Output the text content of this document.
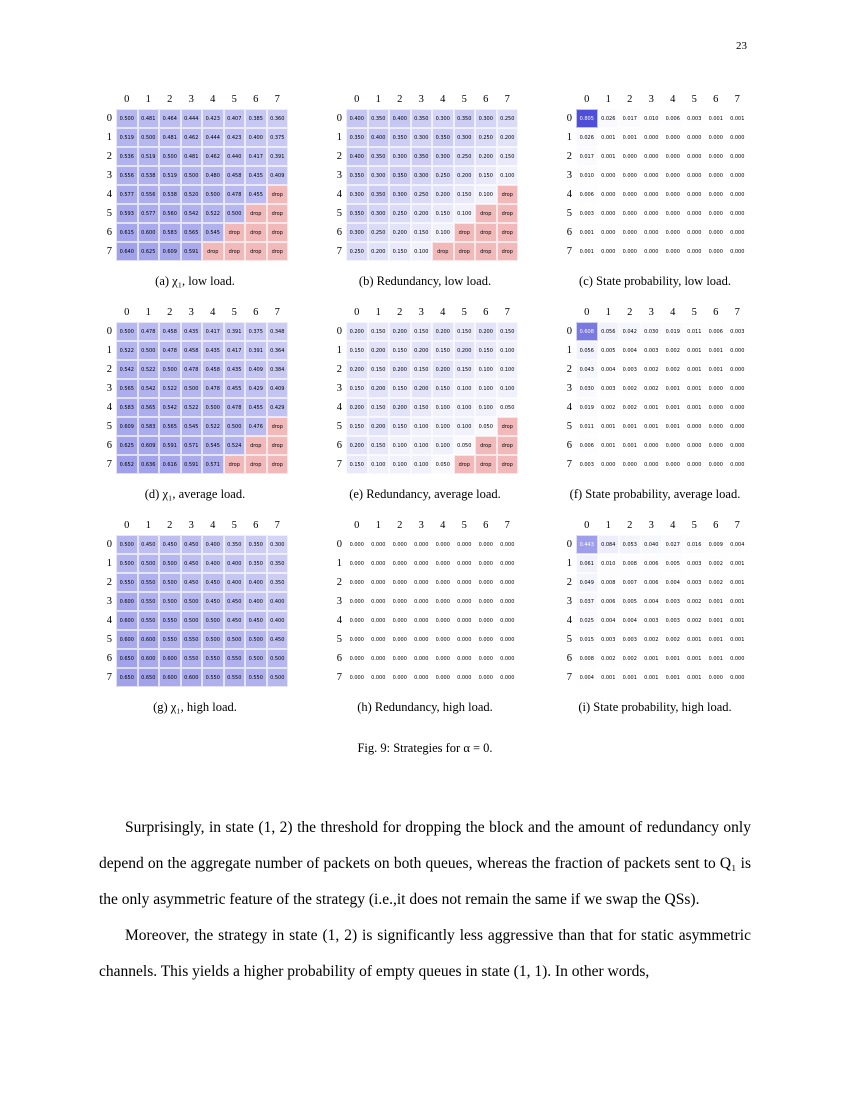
23
0	1	2	3	4	5	6	7
0	0.500	0.481	0.464	0.444	0.423	0.407	0.385	0.360
1	0.519	0.500	0.481	0.462	0.444	0.423	0.400	0.375
2	0.536	0.519	0.500	0.481	0.462	0.440	0.417	0.391
3	0.556	0.538	0.519	0.500	0.480	0.458	0.435	0.409
4	0.577	0.556	0.538	0.520	0.500	0.478	0.455	drop
5	0.593	0.577	0.560	0.542	0.522	0.500	drop	drop
6	0.615	0.600	0.583	0.565	0.545	drop	drop	drop
7	0.640	0.625	0.609	0.591	drop	drop	drop	drop
(a) χ₁, low load.
0	1	2	3	4	5	6	7
0	0.400	0.350	0.400	0.350	0.300	0.350	0.300	0.250
1	0.350	0.400	0.350	0.300	0.350	0.300	0.250	0.200
2	0.400	0.350	0.300	0.350	0.300	0.250	0.200	0.150
3	0.350	0.300	0.350	0.300	0.250	0.200	0.150	0.100
4	0.300	0.350	0.300	0.250	0.200	0.150	0.100	drop
5	0.350	0.300	0.250	0.200	0.150	0.100	drop	drop
6	0.300	0.250	0.200	0.150	0.100	drop	drop	drop
7	0.250	0.200	0.150	0.100	drop	drop	drop	drop
(b) Redundancy, low load.
0	1	2	3	4	5	6	7
0	0.805	0.026	0.017	0.010	0.006	0.003	0.001	0.001
1	0.026	0.001	0.001	0.000	0.000	0.000	0.000	0.000
2	0.017	0.001	0.000	0.000	0.000	0.000	0.000	0.000
3	0.010	0.000	0.000	0.000	0.000	0.000	0.000	0.000
4	0.006	0.000	0.000	0.000	0.000	0.000	0.000	0.000
5	0.003	0.000	0.000	0.000	0.000	0.000	0.000	0.000
6	0.001	0.000	0.000	0.000	0.000	0.000	0.000	0.000
7	0.001	0.000	0.000	0.000	0.000	0.000	0.000	0.000
(c) State probability, low load.
0	1	2	3	4	5	6	7
0	0.500	0.478	0.458	0.435	0.417	0.391	0.375	0.348
1	0.522	0.500	0.478	0.458	0.435	0.417	0.391	0.364
2	0.542	0.522	0.500	0.478	0.458	0.435	0.409	0.384
3	0.565	0.542	0.522	0.500	0.478	0.455	0.429	0.409
4	0.583	0.565	0.542	0.522	0.500	0.478	0.455	0.429
5	0.609	0.583	0.565	0.545	0.522	0.500	0.476	drop
6	0.625	0.609	0.591	0.571	0.545	0.524	drop	drop
7	0.652	0.636	0.616	0.591	0.571	drop	drop	drop
(d) χ₁, average load.
0	1	2	3	4	5	6	7
0	0.200	0.150	0.200	0.150	0.200	0.150	0.200	0.150
1	0.150	0.200	0.150	0.200	0.150	0.200	0.150	0.100
2	0.200	0.150	0.200	0.150	0.200	0.150	0.100	0.100
3	0.150	0.200	0.150	0.200	0.150	0.100	0.100	0.100
4	0.200	0.150	0.200	0.150	0.100	0.100	0.100	0.050
5	0.150	0.200	0.150	0.100	0.100	0.100	0.050	drop
6	0.200	0.150	0.100	0.100	0.100	0.050	drop	drop
7	0.150	0.100	0.100	0.100	0.050	drop	drop	drop
(e) Redundancy, average load.
0	1	2	3	4	5	6	7
0	0.608	0.056	0.042	0.030	0.019	0.011	0.006	0.003
1	0.056	0.005	0.004	0.003	0.002	0.001	0.001	0.000
2	0.043	0.004	0.003	0.002	0.002	0.001	0.001	0.000
3	0.030	0.003	0.002	0.002	0.001	0.001	0.000	0.000
4	0.019	0.002	0.002	0.001	0.001	0.001	0.000	0.000
5	0.011	0.001	0.001	0.001	0.001	0.000	0.000	0.000
6	0.006	0.001	0.001	0.000	0.000	0.000	0.000	0.000
7	0.003	0.000	0.000	0.000	0.000	0.000	0.000	0.000
(f) State probability, average load.
0	1	2	3	4	5	6	7
0	0.500	0.450	0.450	0.450	0.400	0.350	0.350	0.300
1	0.500	0.500	0.500	0.450	0.400	0.400	0.350	0.350
2	0.550	0.550	0.500	0.450	0.450	0.400	0.400	0.350
3	0.600	0.550	0.500	0.500	0.450	0.450	0.400	0.400
4	0.600	0.550	0.550	0.500	0.500	0.450	0.450	0.400
5	0.600	0.600	0.550	0.550	0.500	0.500	0.500	0.450
6	0.650	0.600	0.600	0.550	0.550	0.550	0.500	0.500
7	0.650	0.650	0.600	0.600	0.550	0.550	0.550	0.500
(g) χ₁, high load.
0	1	2	3	4	5	6	7
0	0.000	0.000	0.000	0.000	0.000	0.000	0.000	0.000
1	0.000	0.000	0.000	0.000	0.000	0.000	0.000	0.000
2	0.000	0.000	0.000	0.000	0.000	0.000	0.000	0.000
3	0.000	0.000	0.000	0.000	0.000	0.000	0.000	0.000
4	0.000	0.000	0.000	0.000	0.000	0.000	0.000	0.000
5	0.000	0.000	0.000	0.000	0.000	0.000	0.000	0.000
6	0.000	0.000	0.000	0.000	0.000	0.000	0.000	0.000
7	0.000	0.000	0.000	0.000	0.000	0.000	0.000	0.000
(h) Redundancy, high load.
0	1	2	3	4	5	6	7
0	0.443	0.084	0.053	0.040	0.027	0.016	0.009	0.004
1	0.061	0.010	0.008	0.006	0.005	0.003	0.002	0.001
2	0.049	0.008	0.007	0.006	0.004	0.003	0.002	0.001
3	0.037	0.006	0.005	0.004	0.003	0.002	0.001	0.001
4	0.025	0.004	0.004	0.003	0.003	0.002	0.001	0.001
5	0.015	0.003	0.003	0.002	0.002	0.001	0.001	0.001
6	0.008	0.002	0.002	0.001	0.001	0.001	0.001	0.000
7	0.004	0.001	0.001	0.001	0.001	0.001	0.000	0.000
(i) State probability, high load.
Fig. 9: Strategies for α = 0.

Surprisingly, in state (1, 2) the threshold for dropping the block and the amount of redundancy only depend on the aggregate number of packets on both queues, whereas the fraction of packets sent to Q₁ is the only asymmetric feature of the strategy (i.e.,it does not remain the same if we swap the QSs).

Moreover, the strategy in state (1, 2) is significantly less aggressive than that for static asymmetric channels. This yields a higher probability of empty queues in state (1, 1). In other words,
